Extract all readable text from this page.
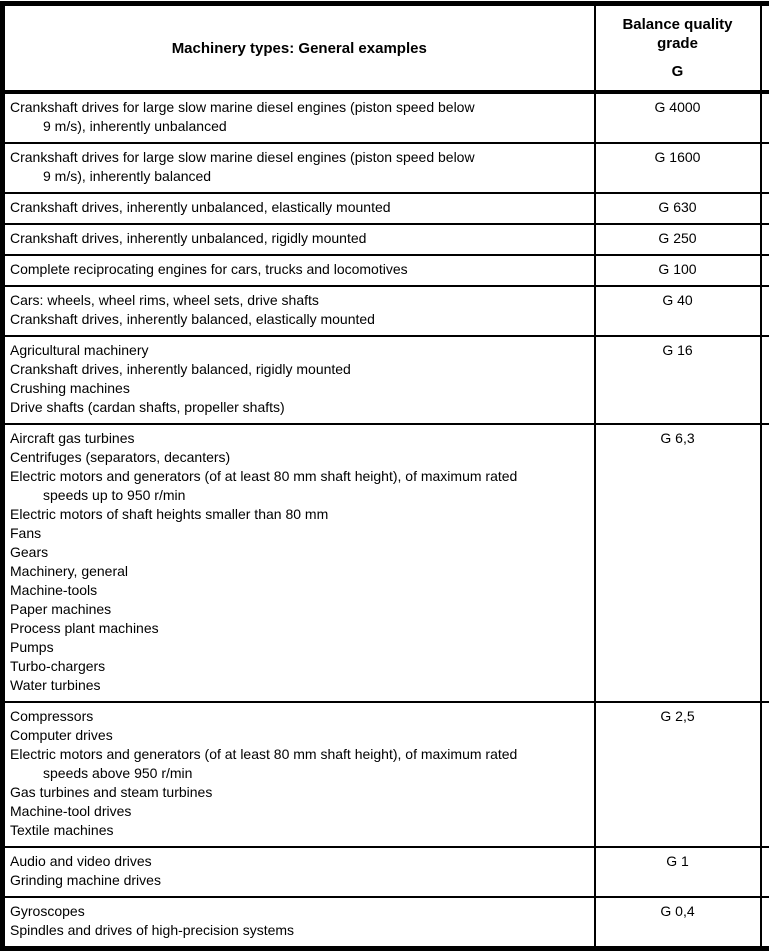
Machinery types: General examples	Balance quality grade
G	

Crankshaft drives for large slow marine diesel engines (piston speed below
9 m/s), inherently unbalanced	G 4000	

Crankshaft drives for large slow marine diesel engines (piston speed below
9 m/s), inherently balanced	G 1600	

Crankshaft drives, inherently unbalanced, elastically mounted	G 630	

Crankshaft drives, inherently unbalanced, rigidly mounted	G 250	

Complete reciprocating engines for cars, trucks and locomotives	G 100	

Cars: wheels, wheel rims, wheel sets, drive shafts
Crankshaft drives, inherently balanced, elastically mounted	G 40	

Agricultural machinery
Crankshaft drives, inherently balanced, rigidly mounted
Crushing machines
Drive shafts (cardan shafts, propeller shafts)	G 16	

Aircraft gas turbines
Centrifuges (separators, decanters)
Electric motors and generators (of at least 80 mm shaft height), of maximum rated
speeds up to 950 r/min
Electric motors of shaft heights smaller than 80 mm
Fans
Gears
Machinery, general
Machine-tools
Paper machines
Process plant machines
Pumps
Turbo-chargers
Water turbines
	G 6,3	

Compressors
Computer drives
Electric motors and generators (of at least 80 mm shaft height), of maximum rated
speeds above 950 r/min
Gas turbines and steam turbines
Machine-tool drives
Textile machines
	G 2,5	

Audio and video drives
Grinding machine drives	G 1	

Gyroscopes
Spindles and drives of high-precision systems	G 0,4	
